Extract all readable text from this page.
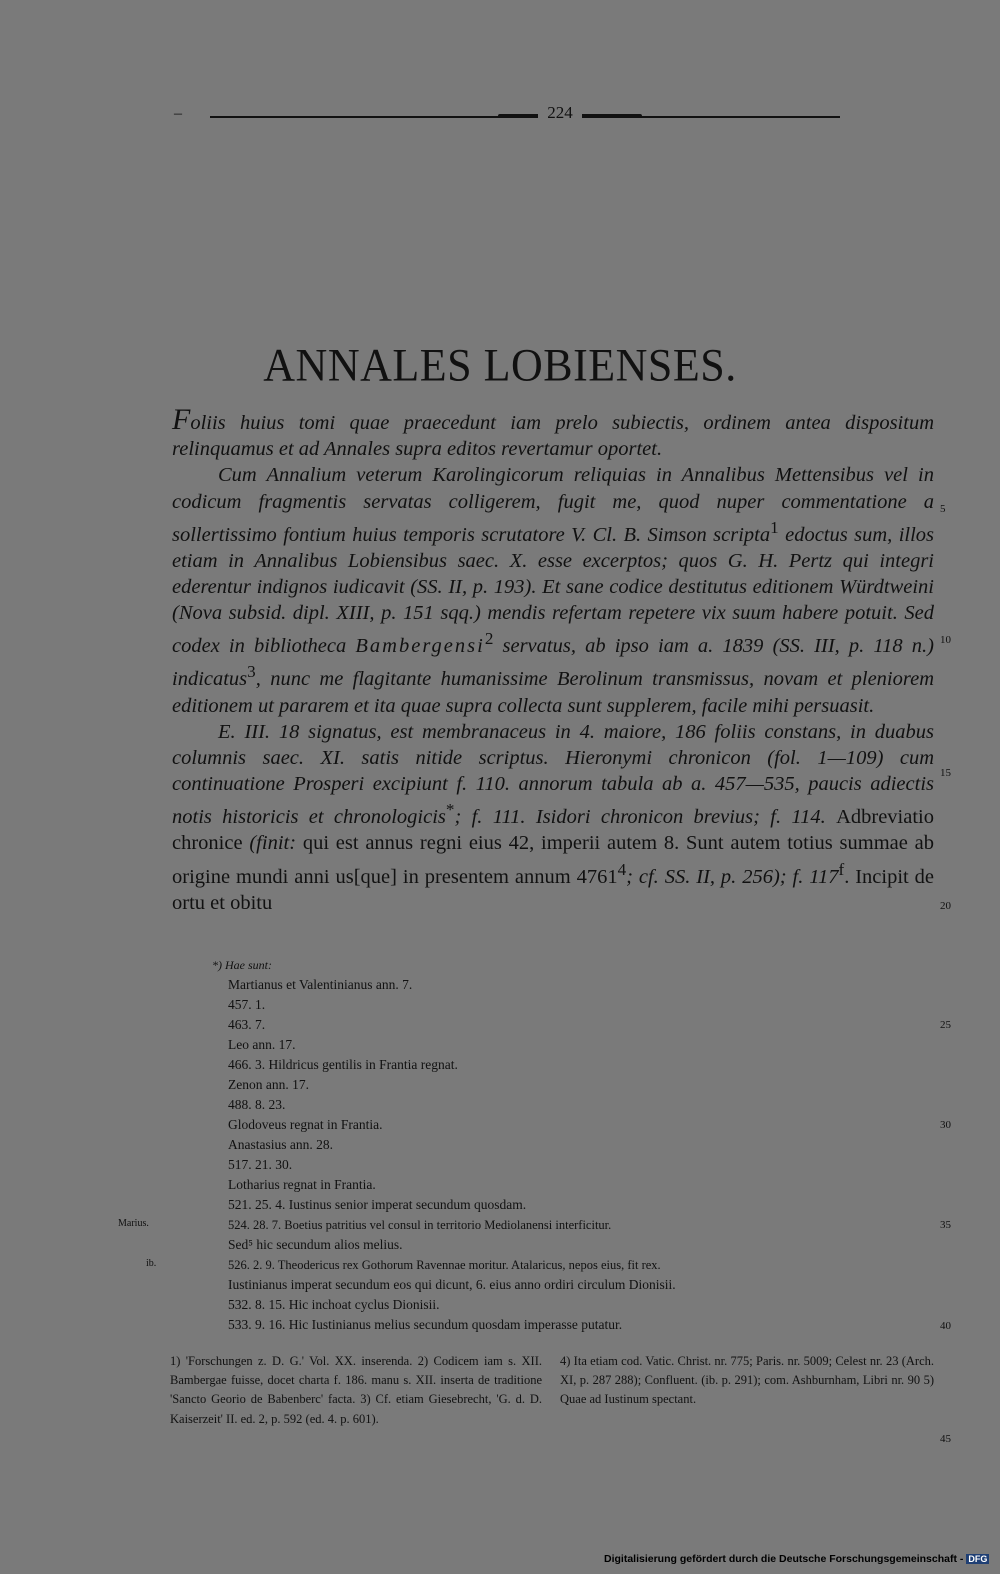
–	224
ANNALES LOBIENSES.

Foliis huius tomi quae praecedunt iam prelo subiectis, ordinem antea dispositum relinquamus et ad Annales supra editos revertamur oportet.

Cum Annalium veterum Karolingicorum reliquias in Annalibus Mettensibus vel in codicum fragmentis servatas colligerem, fugit me, quod nuper commentatione a sollertissimo fontium huius temporis scrutatore V. Cl. B. Simson scripta$^1$ edoctus sum, illos etiam in Annalibus Lobiensibus saec. X. esse excerptos; quos G. H. Pertz qui integri ederentur indignos iudicavit (SS. II, p. 193). Et sane codice destitutus editionem Würdtweini (Nova subsid. dipl. XIII, p. 151 sqq.) mendis refertam repetere vix suum habere potuit. Sed codex in bibliotheca Bambergensi$^2$ servatus, ab ipso iam a. 1839 (SS. III, p. 118 n.) indicatus$^3$, nunc me flagitante humanissime Berolinum transmissus, novam et pleniorem editionem ut pararem et ita quae supra collecta sunt supplerem, facile mihi persuasit.

E. III. 18 signatus, est membranaceus in 4. maiore, 186 foliis constans, in duabus columnis saec. XI. satis nitide scriptus. Hieronymi chronicon (fol. 1—109) cum continuatione Prosperi excipiunt f. 110. annorum tabula ab a. 457—535, paucis adiectis notis historicis et chronologicis*; f. 111. Isidori chronicon brevius; f. 114. Adbreviatio chronice (finit: qui est annus regni eius 42, imperii autem 8. Sunt autem totius summae ab origine mundi anni us[que] in presentem annum 4761$^4$; cf. SS. II, p. 256); f. 117$^f$. Incipit de ortu et obitu

5
10
15
20
25
30
35
40
45
*) Hae sunt:
Martianus et Valentinianus ann. 7.
457. 1.
463. 7.
Leo ann. 17.
466. 3. Hildricus gentilis in Frantia regnat.
Zenon ann. 17.
488. 8. 23.
Glodoveus regnat in Frantia.
Anastasius ann. 28.
517. 21. 30.
Lotharius regnat in Frantia.
521. 25. 4. Iustinus senior imperat secundum quosdam.
524. 28. 7. Boetius patritius vel consul in territorio Mediolanensi interficitur.
Sed⁵ hic secundum alios melius.
526. 2. 9. Theodericus rex Gothorum Ravennae moritur. Atalaricus, nepos eius, fit rex.
Iustinianus imperat secundum eos qui dicunt, 6. eius anno ordiri circulum Dionisii.
532. 8. 15. Hic inchoat cyclus Dionisii.
533. 9. 16. Hic Iustinianus melius secundum quosdam imperasse putatur.
Marius.
ib.
1) 'Forschungen z. D. G.' Vol. XX. inserenda. 2) Codicem iam s. XII. Bambergae fuisse, docet charta f. 186. manu s. XII. inserta de traditione 'Sancto Georio de Babenberc' facta. 3) Cf. etiam Giesebrecht, 'G. d. D. Kaiserzeit' II. ed. 2, p. 592 (ed. 4. p. 601).
4) Ita etiam cod. Vatic. Christ. nr. 775; Paris. nr. 5009; Celest nr. 23 (Arch. XI, p. 287 288); Confluent. (ib. p. 291); com. Ashburnham, Libri nr. 90 5) Quae ad Iustinum spectant.
Digitalisierung gefördert durch die Deutsche Forschungsgemeinschaft - DFG
